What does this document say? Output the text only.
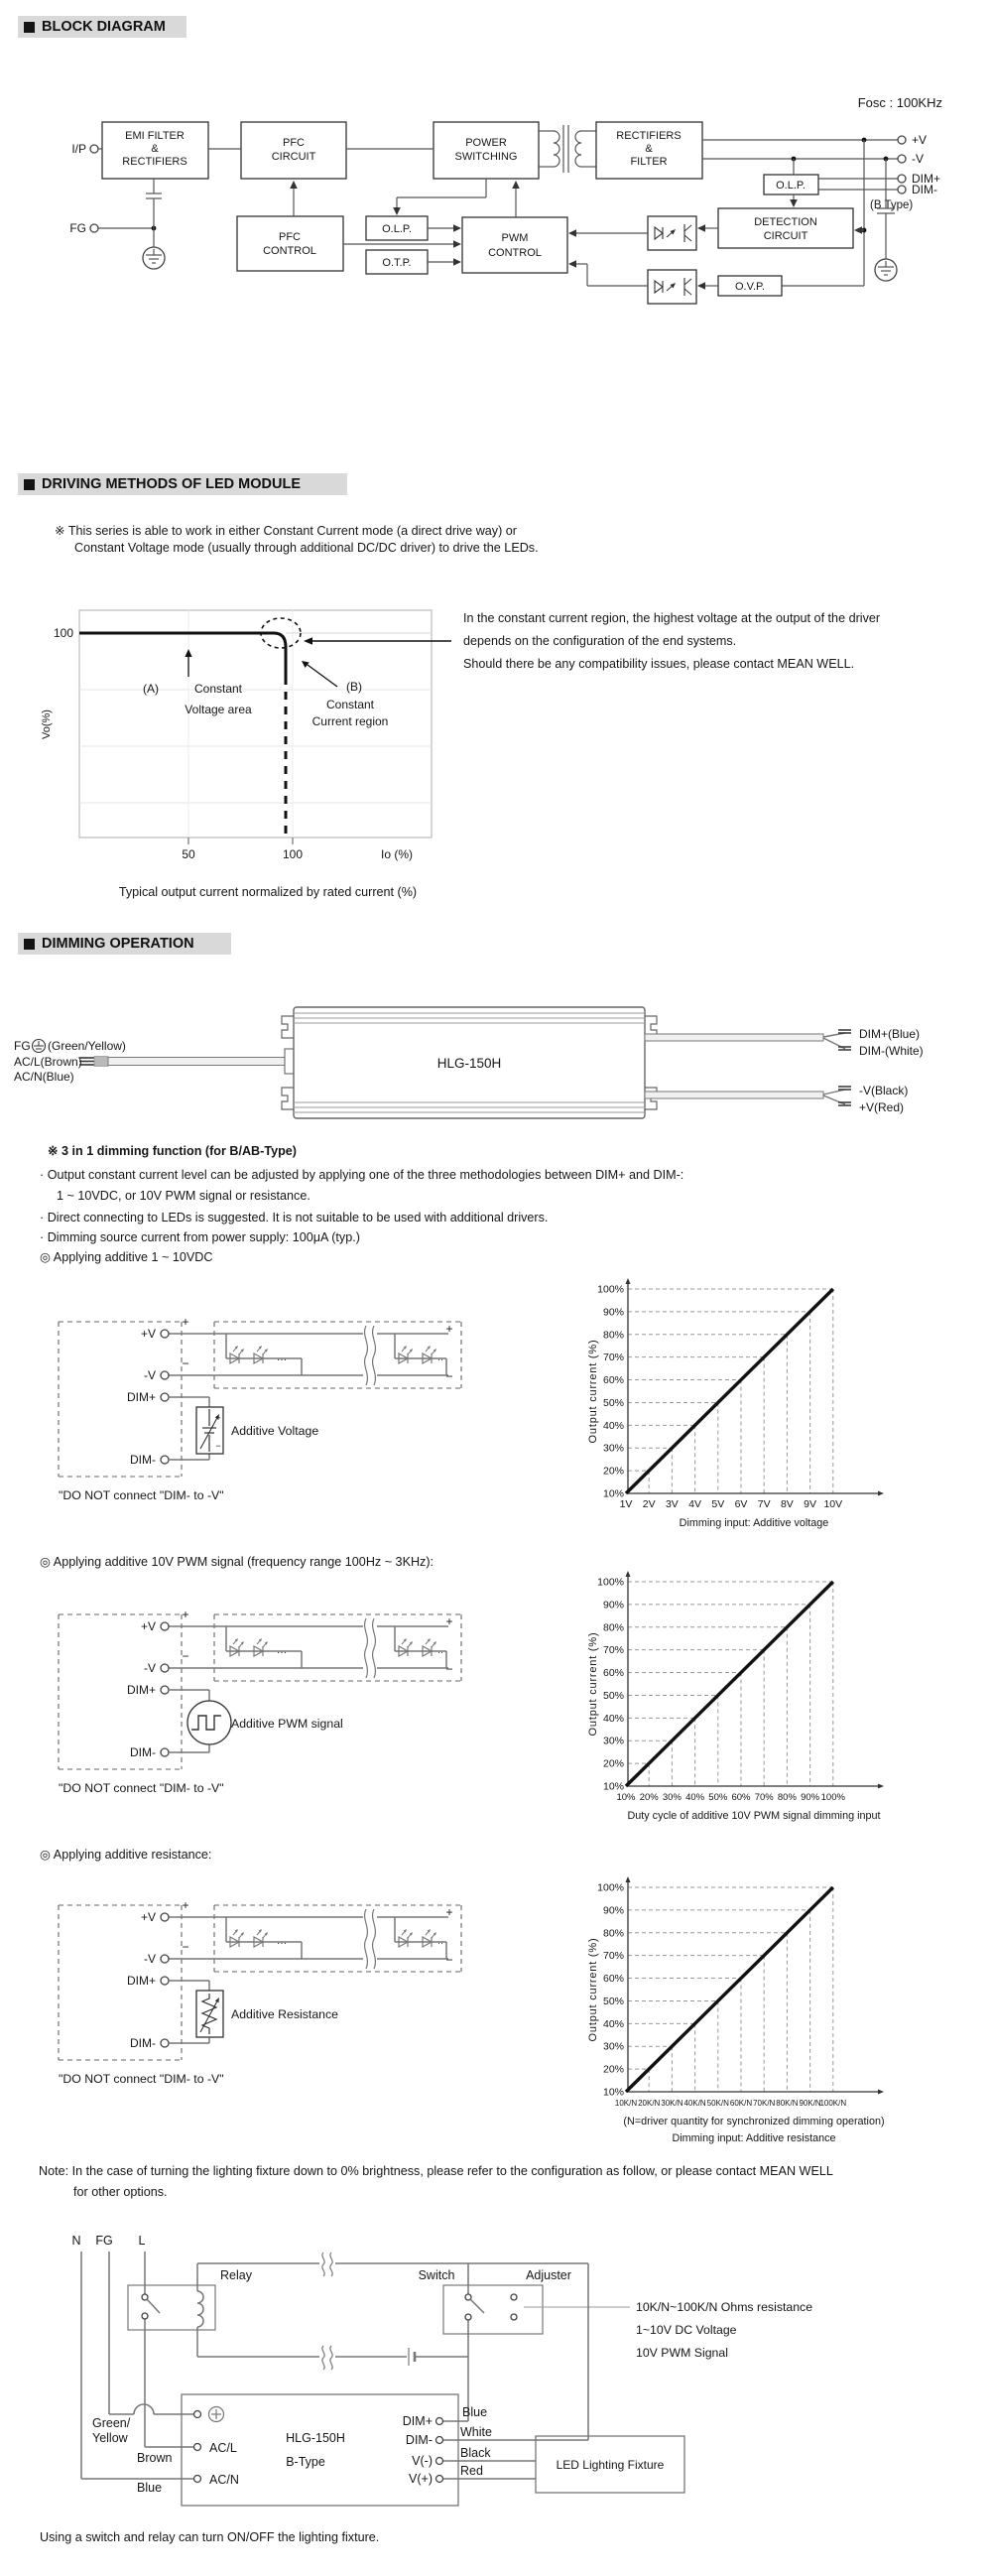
BLOCK DIAGRAM
Fosc : 100KHz
I/P
FG
EMI FILTER
&
RECTIFIERS
PFC
CIRCUIT
POWER
SWITCHING
RECTIFIERS
&
FILTER
+V
-V
DIM+
DIM-
(B Type)
O.L.P.
PFC
CONTROL
O.L.P.
O.T.P.
PWM
CONTROL
DETECTION
CIRCUIT
O.V.P.
DRIVING METHODS OF LED MODULE
※ This series is able to work in either Constant Current mode (a direct drive way) or
Constant Voltage mode (usually through additional DC/DC driver) to drive the LEDs.
100
(A)	Constant
Voltage area
(B)
Constant
Current region
50	100	Io (%)
Vo(%)
In the constant current region, the highest voltage at the output of the driver
depends on the configuration of the end systems.
Should there be any compatibility issues, please contact MEAN WELL.
Typical output current normalized by rated current (%)
DIMMING OPERATION
FG (Green/Yellow)
AC/L(Brown)
AC/N(Blue)
HLG-150H
DIM+(Blue)
DIM-(White)
-V(Black)
+V(Red)
※ 3 in 1 dimming function (for B/AB-Type)
· Output constant current level can be adjusted by applying one of the three methodologies between DIM+ and DIM-:
1 ~ 10VDC, or 10V PWM signal or resistance.
· Direct connecting to LEDs is suggested. It is not suitable to be used with additional drivers.
· Dimming source current from power supply: 100μA (typ.)
◎ Applying additive 1 ~ 10VDC
◎ Applying additive 10V PWM signal (frequency range 100Hz ~ 3KHz):
◎ Applying additive resistance:
···	··
+
−
+
−
+V
-V
DIM+
DIM-
+
−
Additive Voltage
"DO NOT connect "DIM- to -V"
···	··
+
−
+
−
+V
-V
DIM+
DIM-
Additive PWM signal
"DO NOT connect "DIM- to -V"
···	··
+
−
+
−
+V
-V
DIM+
DIM-
Additive Resistance
"DO NOT connect "DIM- to -V"
10%
20%
30%
40%
50%
60%
70%
80%
90%
100%
1V 2V 3V 4V 5V 6V 7V 8V 9V 10V
Output current (%)
Dimming input: Additive voltage
10%
20%
30%
40%
50%
60%
70%
80%
90%
100%
10% 20% 30% 40% 50% 60% 70% 80% 90% 100%
Output current (%)
Duty cycle of additive 10V PWM signal dimming input
10%
20%
30%
40%
50%
60%
70%
80%
90%
100%
10K/N 20K/N 30K/N 40K/N 50K/N 60K/N 70K/N 80K/N 90K/N
100K/N
Output current (%)
(N=driver quantity for synchronized dimming operation)
Dimming input: Additive resistance
Note: In the case of turning the lighting fixture down to 0% brightness, please refer to the configuration as follow, or please contact MEAN WELL
for other options.
N FG L
Relay	Switch	Adjuster
10K/N~100K/N Ohms resistance
1~10V DC Voltage
10V PWM Signal
AC/L
AC/N
HLG-150H
B-Type
DIM+
DIM-
V(-)
V(+)
Green/
Yellow
Brown
Blue
Blue
White
Black
Red	LED Lighting Fixture
Using a switch and relay can turn ON/OFF the lighting fixture.
